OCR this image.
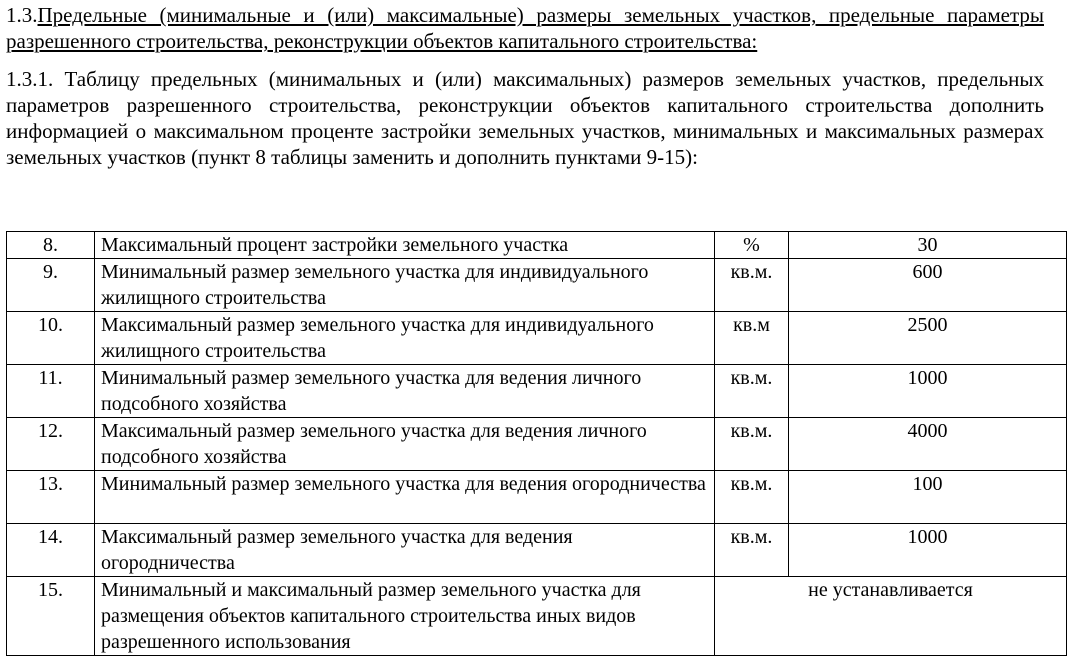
1.3.Предельные (минимальные и (или) максимальные) размеры земельных участков, предельные параметры разрешенного строительства, реконструкции объектов капитального строительства:

1.3.1. Таблицу предельных (минимальных и (или) максимальных) размеров земельных участков, предельных параметров разрешенного строительства, реконструкции объектов капитального строительства дополнить информацией о максимальном проценте застройки земельных участков, минимальных и максимальных размерах земельных участков (пункт 8 таблицы заменить и дополнить пунктами 9-15):

8.	Максимальный процент застройки земельного участка	%	30
9.	Минимальный размер земельного участка для индивидуального жилищного строительства	кв.м.	600
10.	Максимальный размер земельного участка для индивидуального жилищного строительства	кв.м	2500
11.	Минимальный размер земельного участка для ведения личного подсобного хозяйства	кв.м.	1000
12.	Максимальный размер земельного участка для ведения личного подсобного хозяйства	кв.м.	4000
13.	Минимальный размер земельного участка для ведения огородничества	кв.м.	100
14.	Максимальный размер земельного участка для ведения огородничества	кв.м.	1000
15.	Минимальный и максимальный размер земельного участка для размещения объектов капитального строительства иных видов разрешенного использования	не устанавливается	
